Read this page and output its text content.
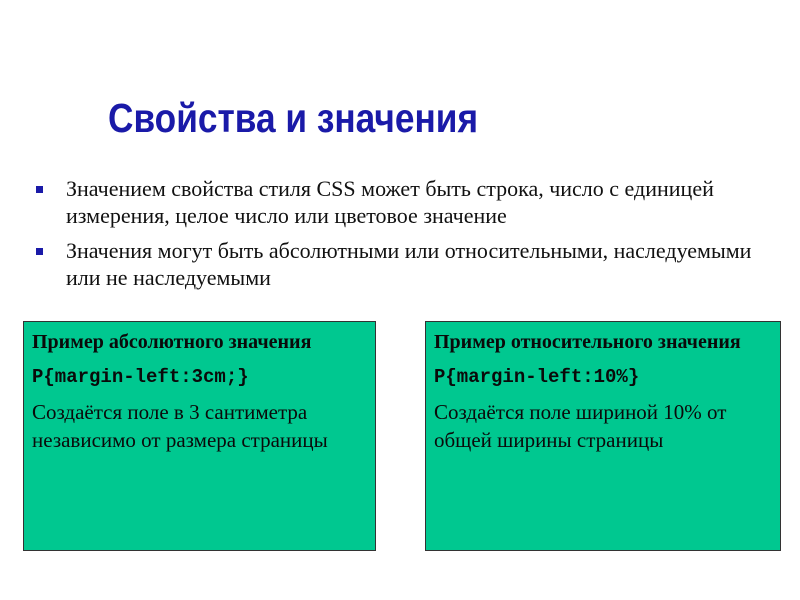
Свойства и значения
Значением свойства стиля CSS может быть строка, число с единицей измерения, целое число или цветовое значение
Значения могут быть абсолютными или относительными, наследуемыми или не наследуемыми

Пример абсолютного значения

P{margin-left:3cm;}

Создаётся поле в 3 сантиметра независимо от размера страницы

Пример относительного значения

P{margin-left:10%}

Создаётся поле шириной 10% от общей ширины страницы
